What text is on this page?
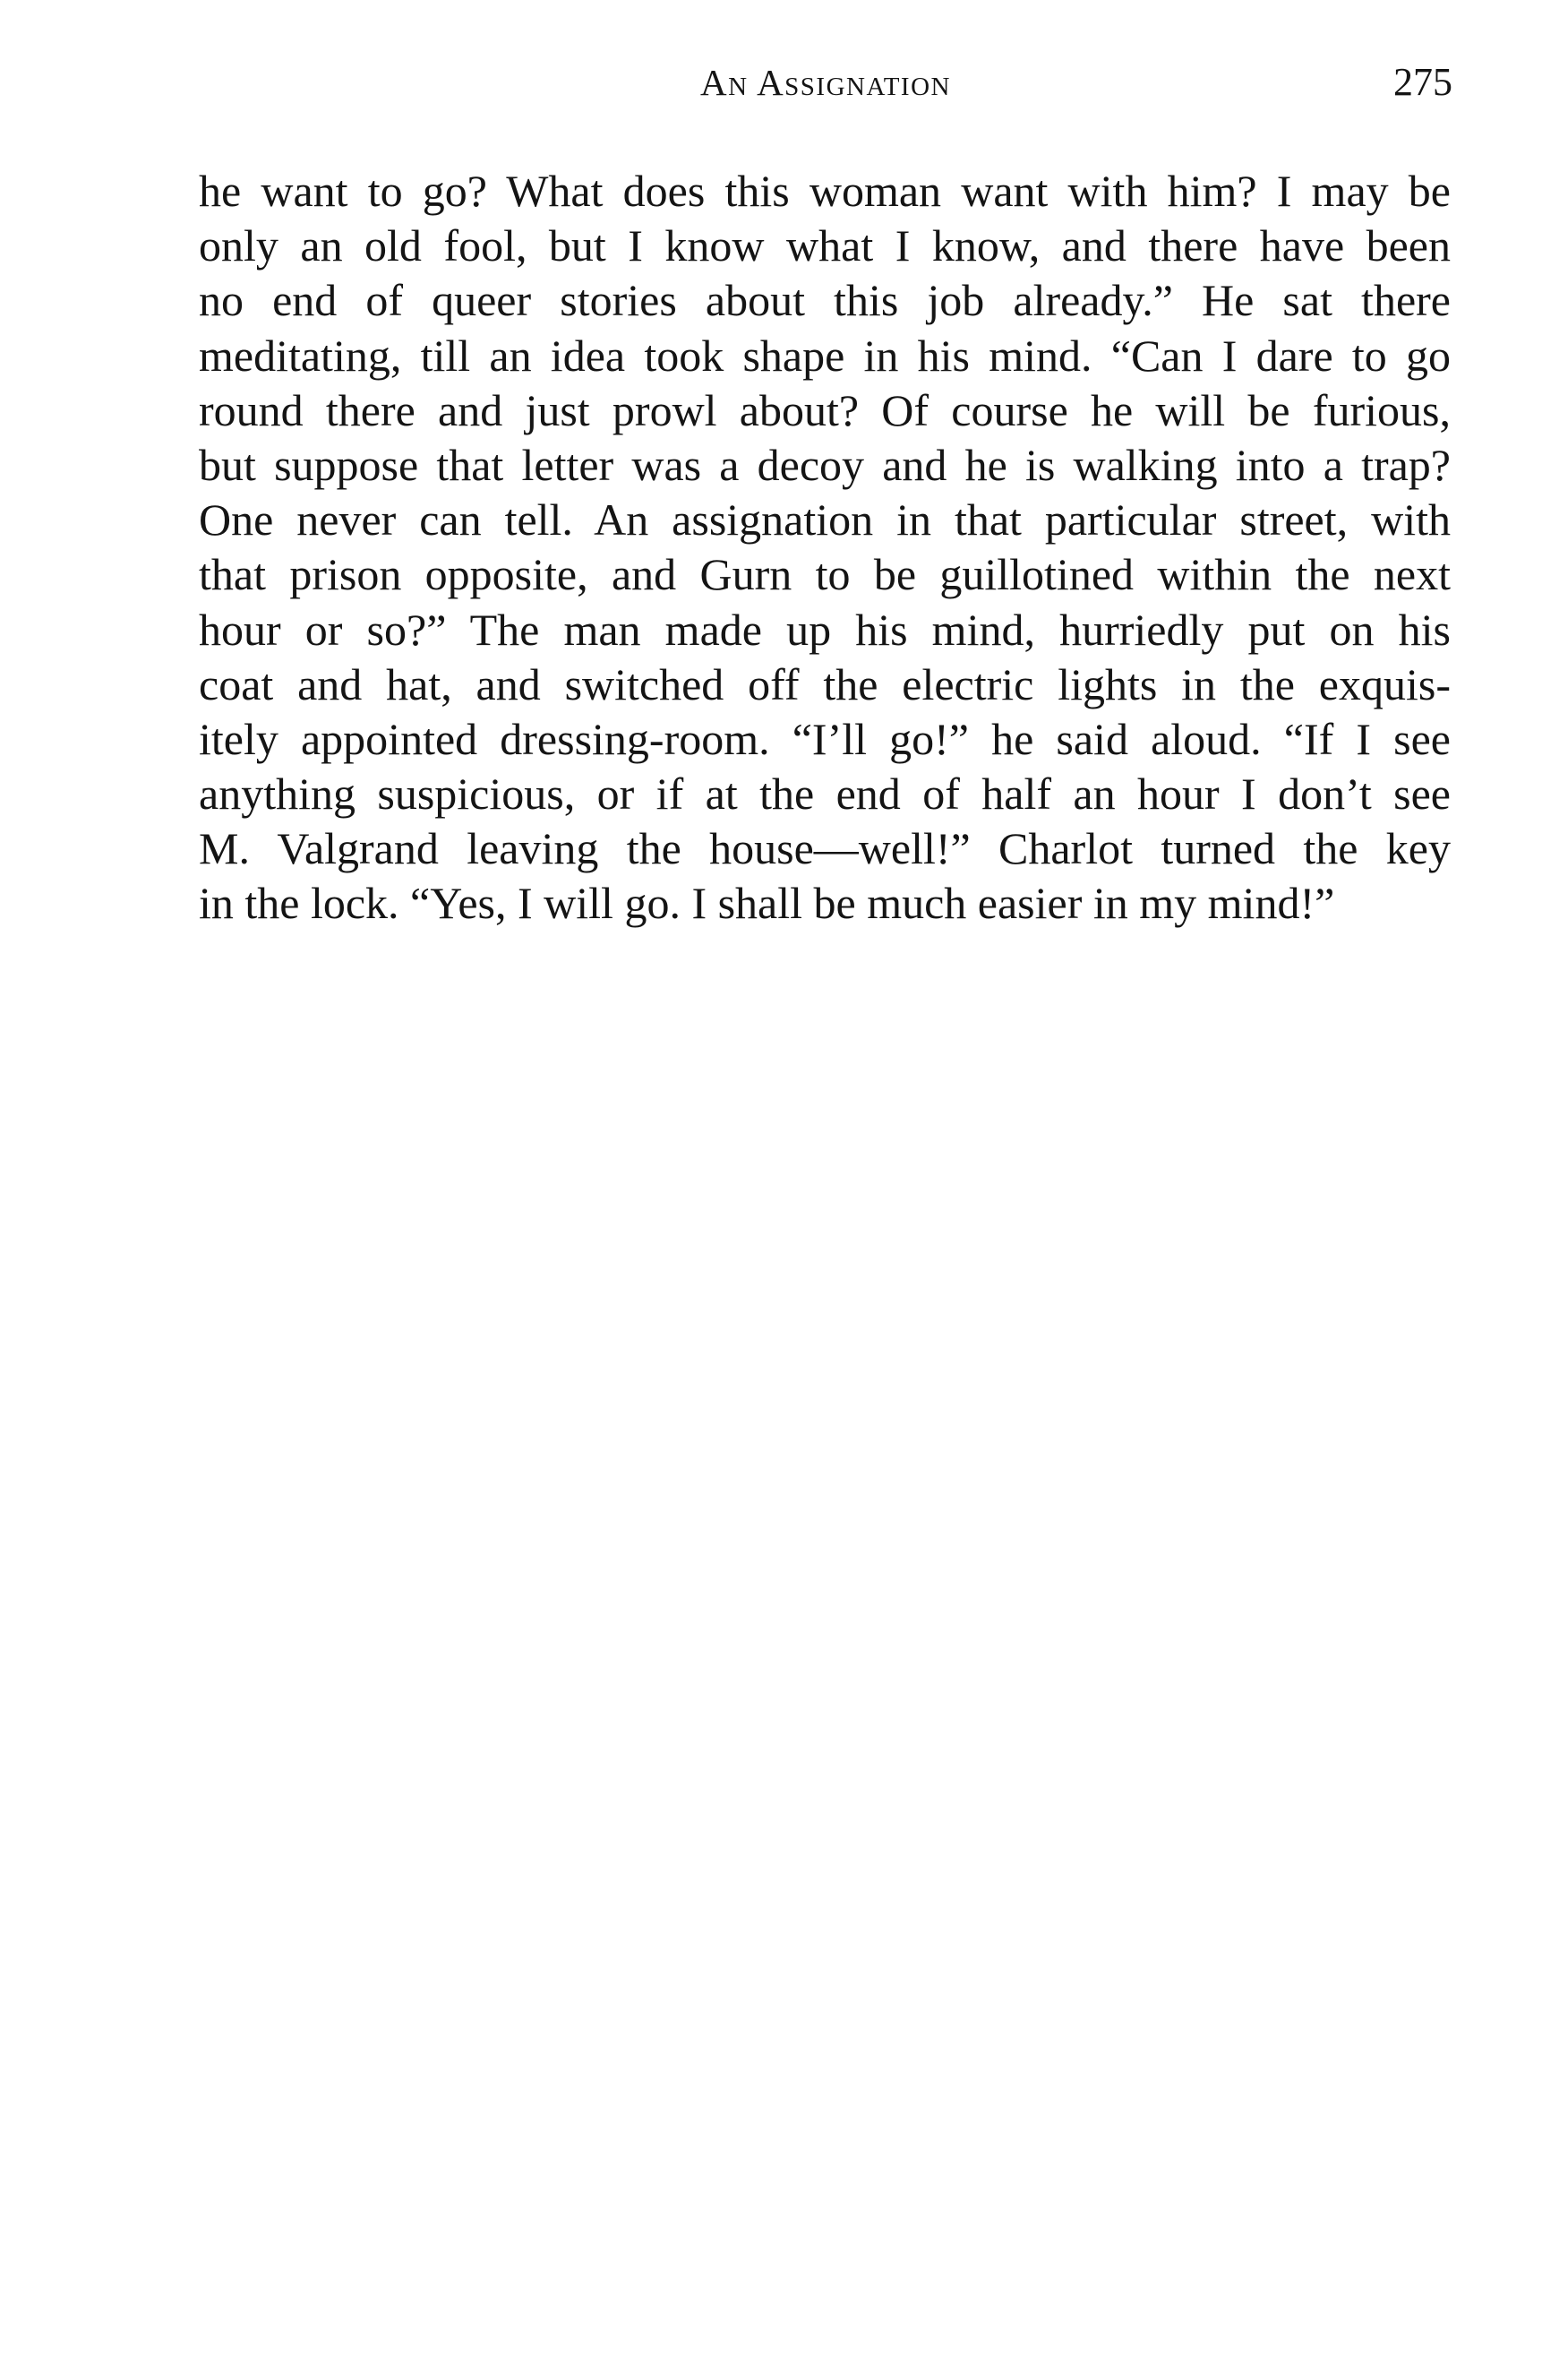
An Assignation	275
he want to go? What does this woman want with him? I may be
only an old fool, but I know what I know, and there have been
no end of queer stories about this job already.” He sat there
meditating, till an idea took shape in his mind. “Can I dare to go
round there and just prowl about? Of course he will be furious,
but suppose that letter was a decoy and he is walking into a trap?
One never can tell. An assignation in that particular street, with
that prison opposite, and Gurn to be guillotined within the next
hour or so?” The man made up his mind, hurriedly put on his
coat and hat, and switched off the electric lights in the exquis-
itely appointed dressing-room. “I’ll go!” he said aloud. “If I see
anything suspicious, or if at the end of half an hour I don’t see
M. Valgrand leaving the house—well!” Charlot turned the key
in the lock. “Yes, I will go. I shall be much easier in my mind!”
